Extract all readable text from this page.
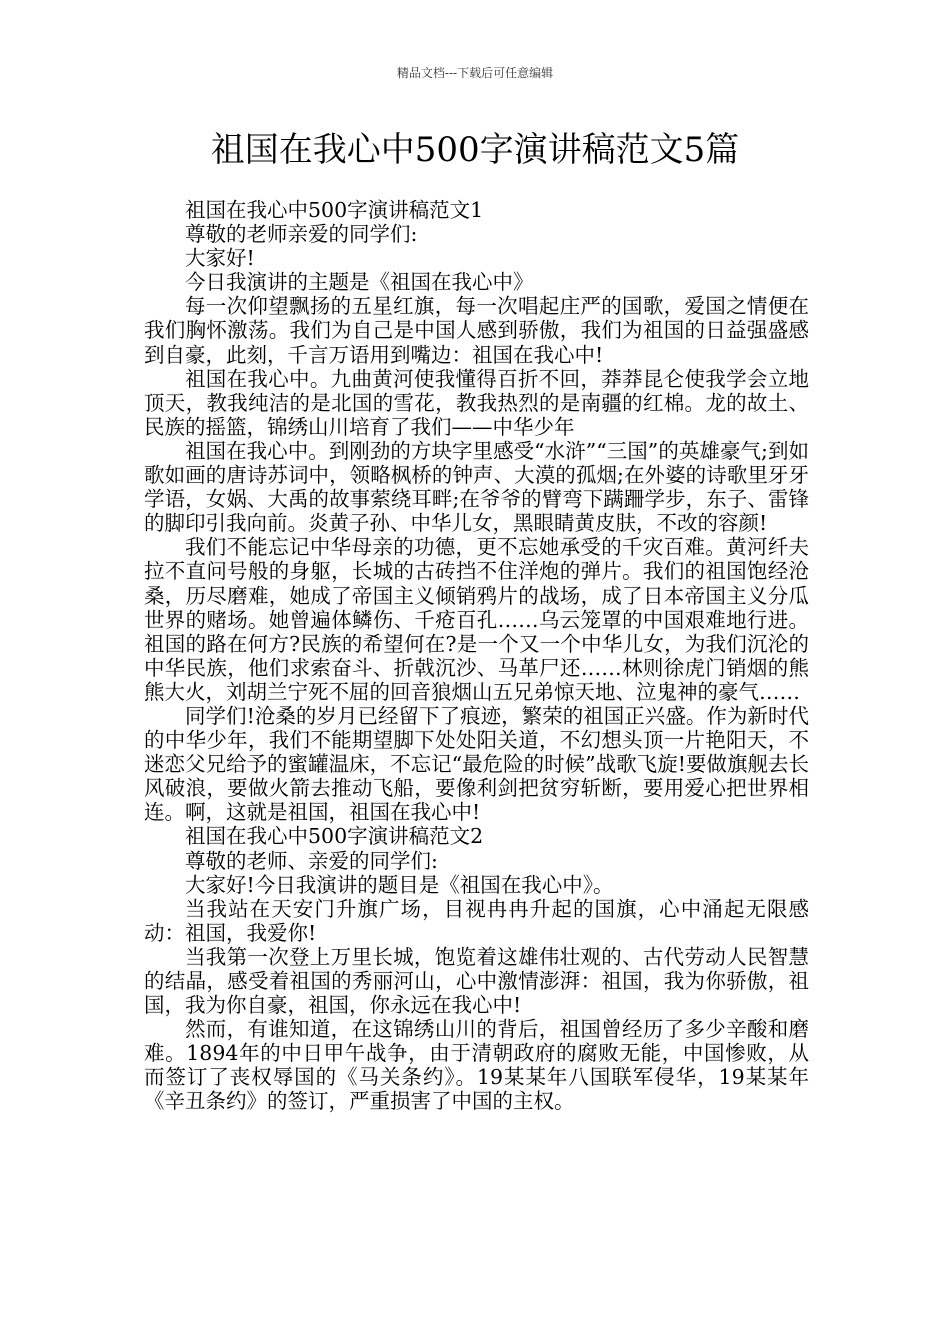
精品文档---下载后可任意编辑
祖国在我心中500字演讲稿范文5篇

祖国在我心中500字演讲稿范文1

尊敬的老师亲爱的同学们:

大家好!

今日我演讲的主题是《祖国在我心中》

每一次仰望飘扬的五星红旗，每一次唱起庄严的国歌，爱国之情便在我们胸怀激荡。我们为自己是中国人感到骄傲，我们为祖国的日益强盛感到自豪，此刻，千言万语用到嘴边：祖国在我心中!

祖国在我心中。九曲黄河使我懂得百折不回，莽莽昆仑使我学会立地顶天，教我纯洁的是北国的雪花，教我热烈的是南疆的红棉。龙的故土、民族的摇篮，锦绣山川培育了我们——中华少年

祖国在我心中。到刚劲的方块字里感受“水浒”“三国”的英雄豪气;到如歌如画的唐诗苏词中，领略枫桥的钟声、大漠的孤烟;在外婆的诗歌里牙牙学语，女娲、大禹的故事萦绕耳畔;在爷爷的臂弯下蹒跚学步，东子、雷锋的脚印引我向前。炎黄子孙、中华儿女，黑眼睛黄皮肤，不改的容颜!

我们不能忘记中华母亲的功德，更不忘她承受的千灾百难。黄河纤夫拉不直问号般的身躯，长城的古砖挡不住洋炮的弹片。我们的祖国饱经沧桑，历尽磨难，她成了帝国主义倾销鸦片的战场，成了日本帝国主义分瓜世界的赌场。她曾遍体鳞伤、千疮百孔……乌云笼罩的中国艰难地行进。祖国的路在何方?民族的希望何在?是一个又一个中华儿女，为我们沉沦的中华民族，他们求索奋斗、折戟沉沙、马革尸还……林则徐虎门销烟的熊熊大火，刘胡兰宁死不屈的回音狼烟山五兄弟惊天地、泣鬼神的豪气……

同学们!沧桑的岁月已经留下了痕迹，繁荣的祖国正兴盛。作为新时代的中华少年，我们不能期望脚下处处阳关道，不幻想头顶一片艳阳天，不迷恋父兄给予的蜜罐温床，不忘记“最危险的时候”战歌飞旋!要做旗舰去长风破浪，要做火箭去推动飞船，要像利剑把贫穷斩断，要用爱心把世界相连。啊，这就是祖国，祖国在我心中!

祖国在我心中500字演讲稿范文2

尊敬的老师、亲爱的同学们:

大家好!今日我演讲的题目是《祖国在我心中》。

当我站在天安门升旗广场，目视冉冉升起的国旗，心中涌起无限感动：祖国，我爱你!

当我第一次登上万里长城，饱览着这雄伟壮观的、古代劳动人民智慧的结晶，感受着祖国的秀丽河山，心中激情澎湃：祖国，我为你骄傲，祖国，我为你自豪，祖国，你永远在我心中!

然而，有谁知道，在这锦绣山川的背后，祖国曾经历了多少辛酸和磨难。1894年的中日甲午战争，由于清朝政府的腐败无能，中国惨败，从而签订了丧权辱国的《马关条约》。19某某年八国联军侵华，19某某年《辛丑条约》的签订，严重损害了中国的主权。
